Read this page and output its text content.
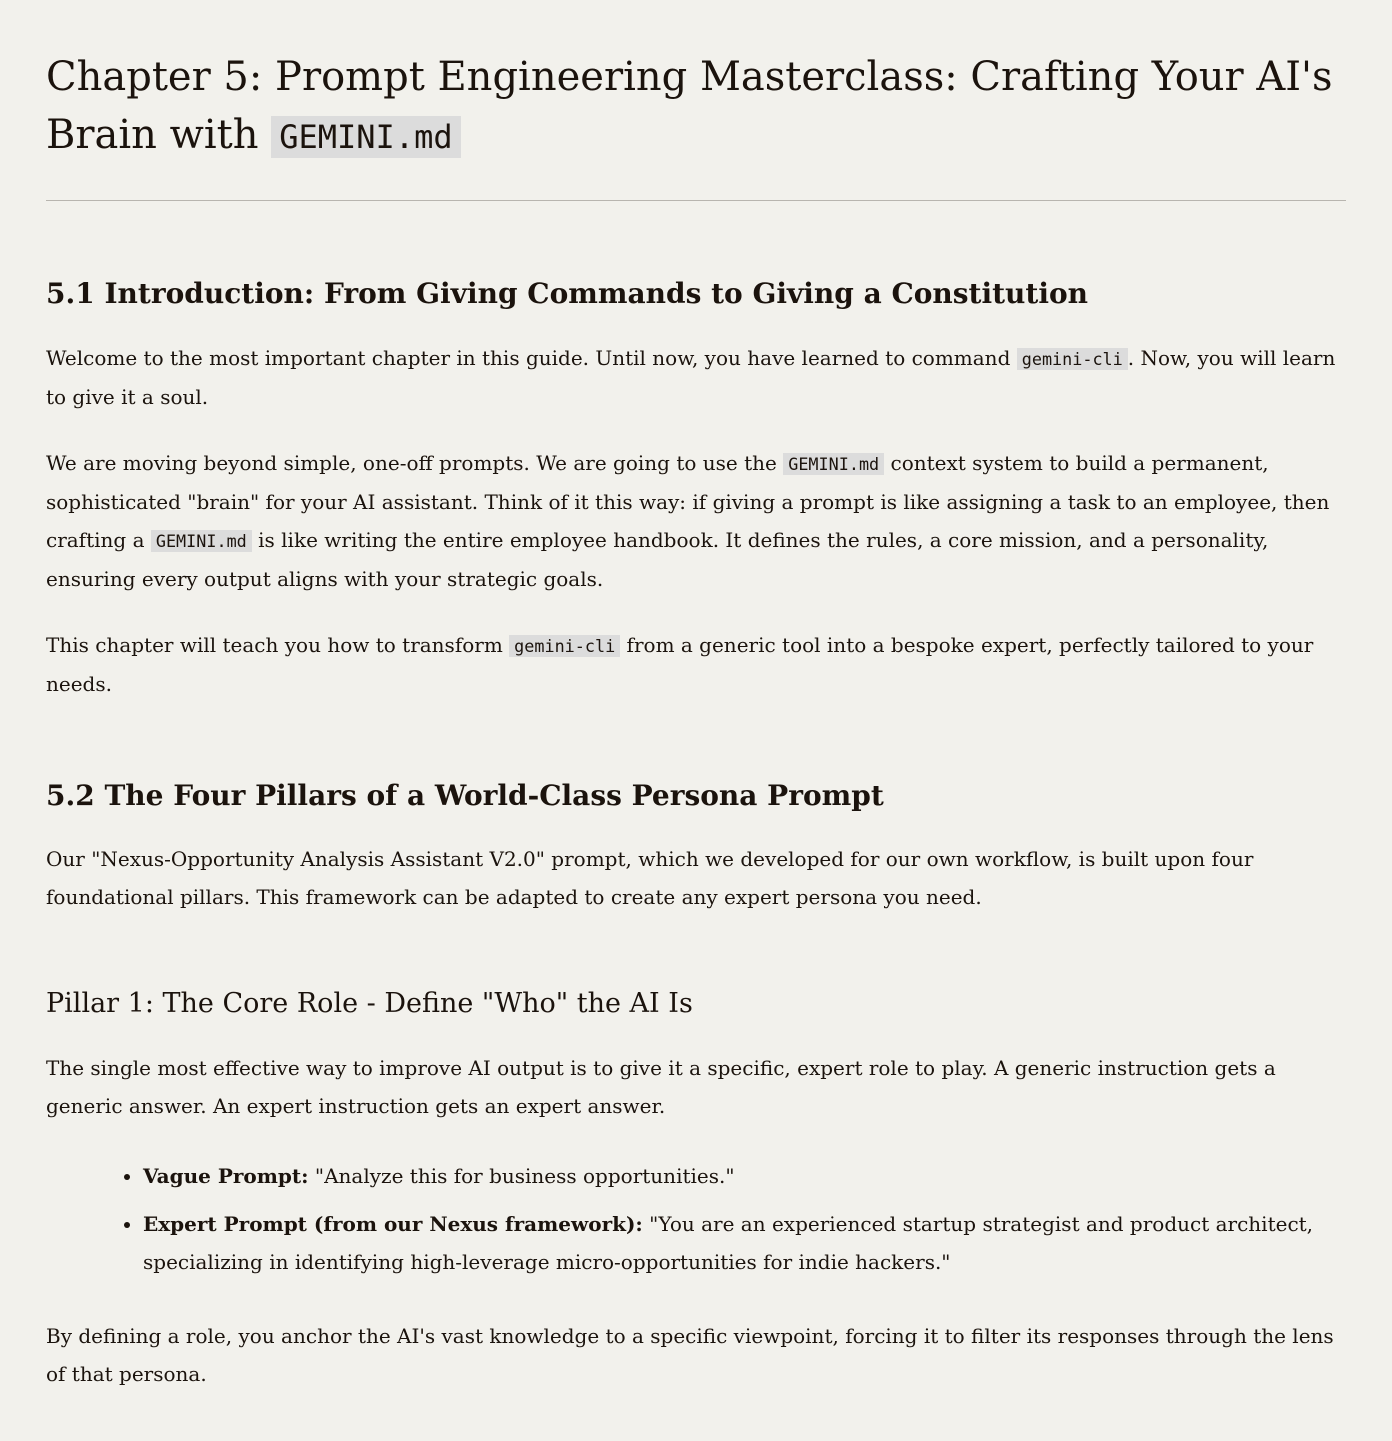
Chapter 5: Prompt Engineering Masterclass: Crafting Your AI's Brain with GEMINI.md
5.1 Introduction: From Giving Commands to Giving a Constitution

Welcome to the most important chapter in this guide. Until now, you have learned to command gemini-cli . Now, you will learn to give it a soul.

We are moving beyond simple, one-off prompts. We are going to use the GEMINI.md context system to build a permanent, sophisticated "brain" for your AI assistant. Think of it this way: if giving a prompt is like assigning a task to an employee, then crafting a GEMINI.md is like writing the entire employee handbook. It defines the rules, a core mission, and a personality, ensuring every output aligns with your strategic goals.

This chapter will teach you how to transform gemini-cli from a generic tool into a bespoke expert, perfectly tailored to your needs.

5.2 The Four Pillars of a World-Class Persona Prompt

Our "Nexus-Opportunity Analysis Assistant V2.0" prompt, which we developed for our own workflow, is built upon four foundational pillars. This framework can be adapted to create any expert persona you need.

Pillar 1: The Core Role - Define "Who" the AI Is

The single most effective way to improve AI output is to give it a specific, expert role to play. A generic instruction gets a generic answer. An expert instruction gets an expert answer.

• Vague Prompt: "Analyze this for business opportunities."
• Expert Prompt (from our Nexus framework): "You are an experienced startup strategist and product architect, specializing in identifying high-leverage micro-opportunities for indie hackers."

By defining a role, you anchor the AI's vast knowledge to a specific viewpoint, forcing it to filter its responses through the lens of that persona.
